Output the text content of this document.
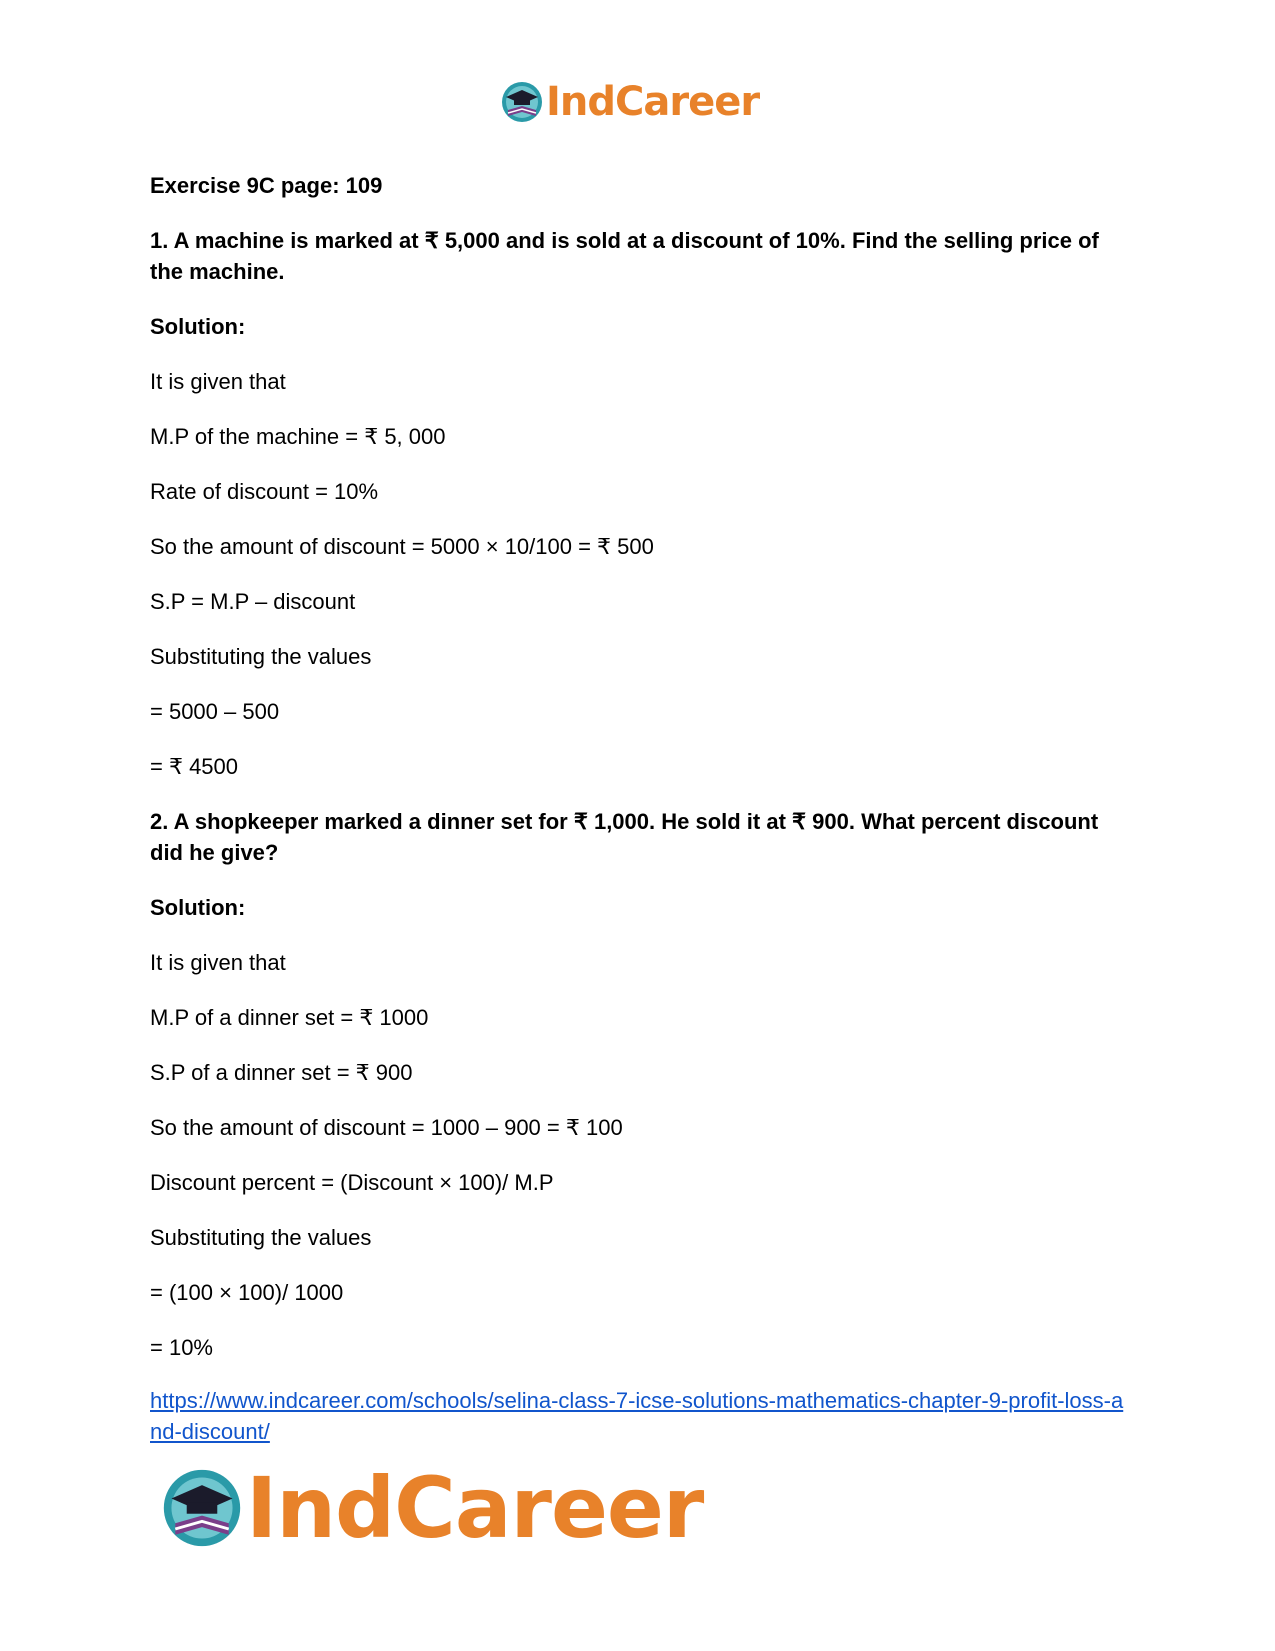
IndCareer

Exercise 9C page: 109

1. A machine is marked at ₹ 5,000 and is sold at a discount of 10%. Find the selling price of the machine.

Solution:

It is given that

M.P of the machine = ₹ 5, 000

Rate of discount = 10%

So the amount of discount = 5000 × 10/100 = ₹ 500

S.P = M.P – discount

Substituting the values

= 5000 – 500

= ₹ 4500

2. A shopkeeper marked a dinner set for ₹ 1,000. He sold it at ₹ 900. What percent discount did he give?

Solution:

It is given that

M.P of a dinner set = ₹ 1000

S.P of a dinner set = ₹ 900

So the amount of discount = 1000 – 900 = ₹ 100

Discount percent = (Discount × 100)/ M.P

Substituting the values

= (100 × 100)/ 1000

= 10%

https://www.indcareer.com/schools/selina-class-7-icse-solutions-mathematics-chapter-9-profit-loss-and-discount/
IndCareer
